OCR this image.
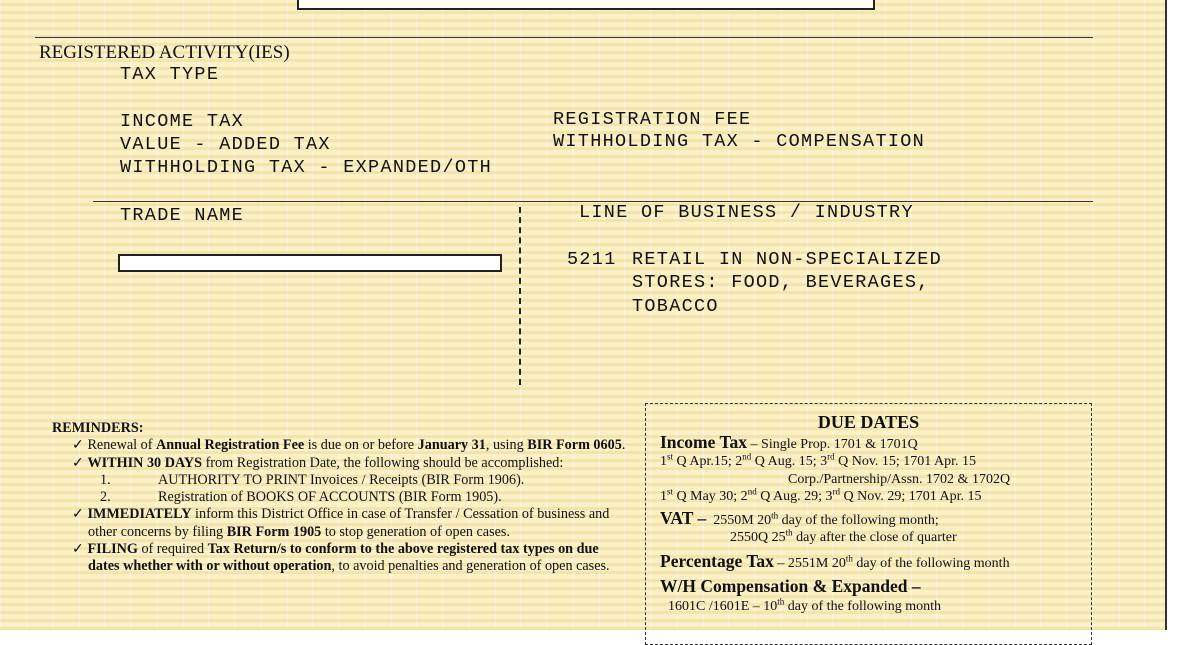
REGISTERED ACTIVITY(IES)
TAX TYPE
INCOME TAX
VALUE - ADDED TAX
WITHHOLDING TAX - EXPANDED/OTH
REGISTRATION FEE
WITHHOLDING TAX - COMPENSATION
TRADE NAME	LINE OF BUSINESS / INDUSTRY
5211 RETAIL IN NON-SPECIALIZED
STORES: FOOD, BEVERAGES,
TOBACCO
REMINDERS:
✓ Renewal of Annual Registration Fee is due on or before January 31, using BIR Form 0605.
✓ WITHIN 30 DAYS from Registration Date, the following should be accomplished:
1.	AUTHORITY TO PRINT Invoices / Receipts (BIR Form 1906).
2.	Registration of BOOKS OF ACCOUNTS (BIR Form 1905).
✓ IMMEDIATELY inform this District Office in case of Transfer / Cessation of business and other concerns by filing BIR Form 1905 to stop generation of open cases.
✓ FILING of required Tax Return/s to conform to the above registered tax types on due dates whether with or without operation, to avoid penalties and generation of open cases.
DUE DATES
Income Tax – Single Prop. 1701 & 1701Q
1st Q Apr.15; 2nd Q Aug. 15; 3rd Q Nov. 15; 1701 Apr. 15
Corp./Partnership/Assn. 1702 & 1702Q
1st Q May 30; 2nd Q Aug. 29; 3rd Q Nov. 29; 1701 Apr. 15
VAT – 2550M 20th day of the following month;
2550Q 25th day after the close of quarter
Percentage Tax – 2551M 20th day of the following month
W/H Compensation & Expanded –
1601C /1601E – 10th day of the following month
